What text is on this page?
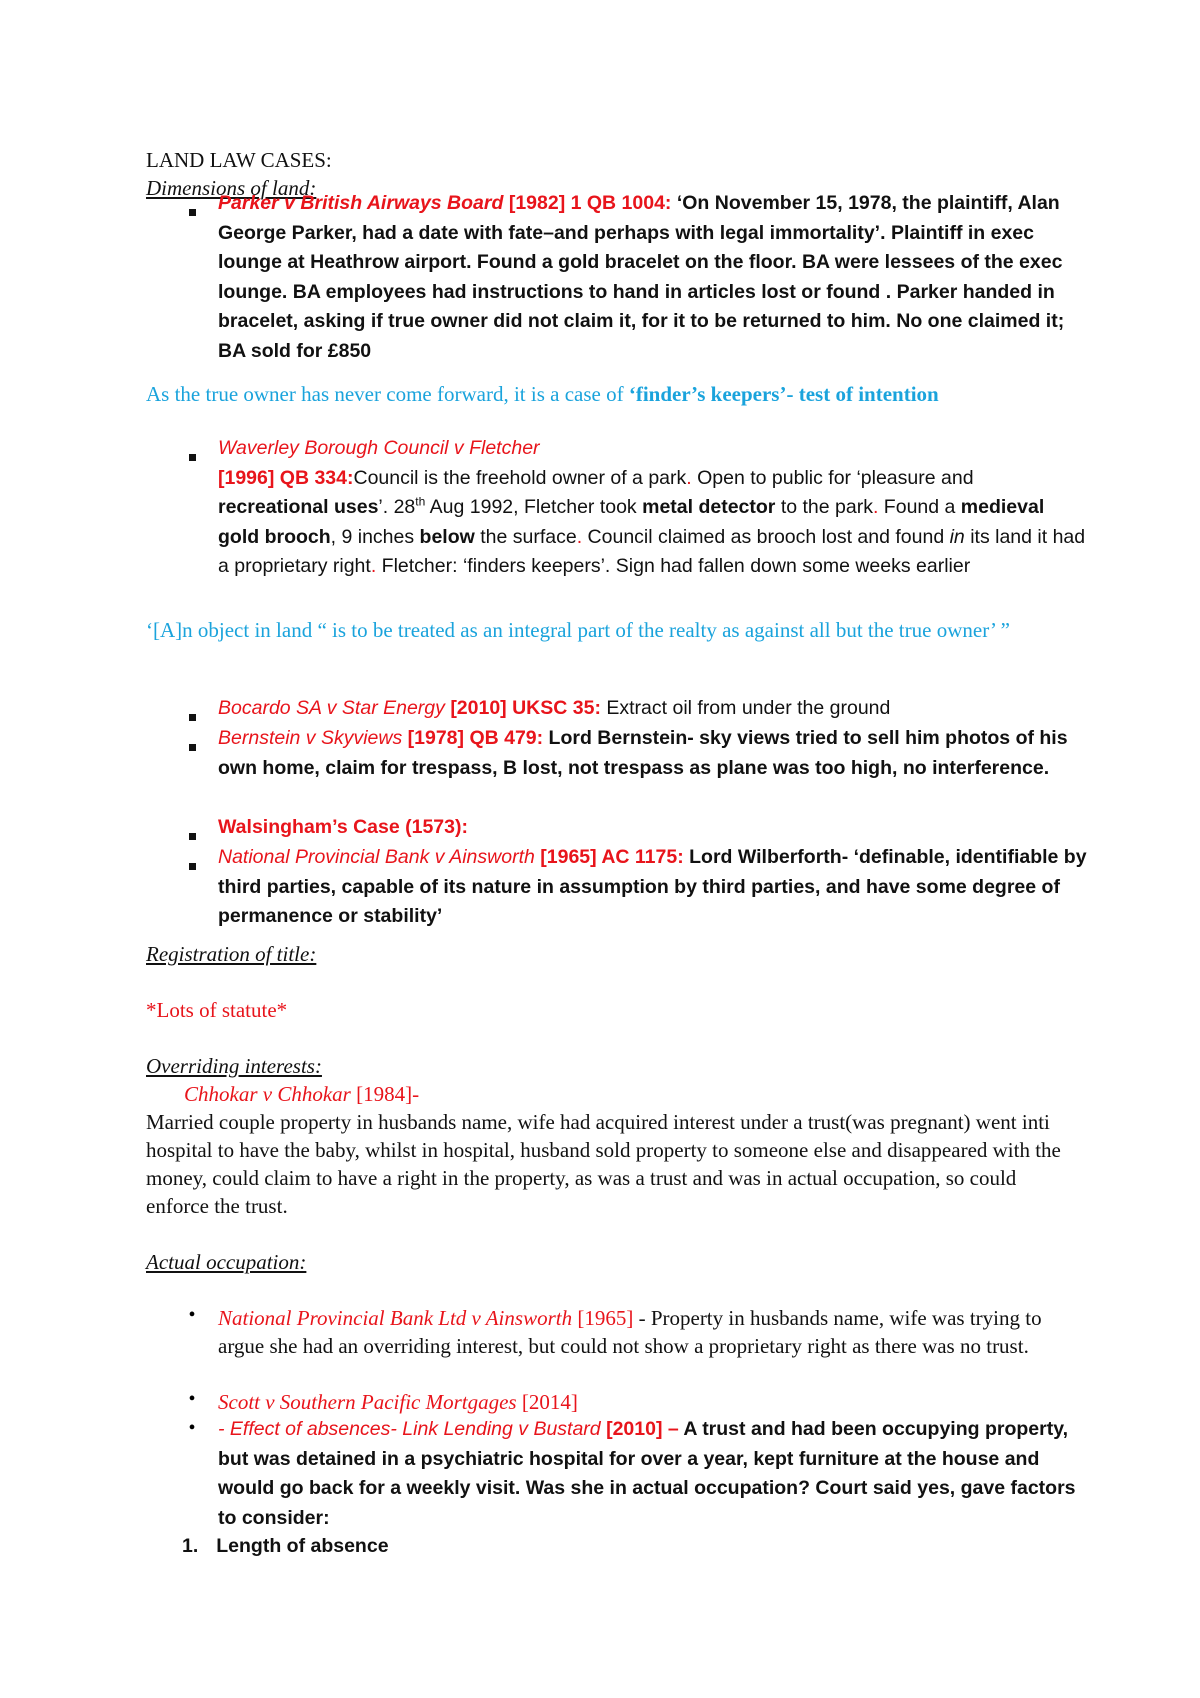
LAND LAW CASES:
Dimensions of land:
Parker v British Airways Board [1982] 1 QB 1004: ‘On November 15, 1978, the plaintiff, Alan George Parker, had a date with fate–and perhaps with legal immortality’. Plaintiff in exec lounge at Heathrow airport. Found a gold bracelet on the floor. BA were lessees of the exec lounge. BA employees had instructions to hand in articles lost or found . Parker handed in bracelet, asking if true owner did not claim it, for it to be returned to him. No one claimed it; BA sold for £850
As the true owner has never come forward, it is a case of ‘finder’s keepers’- test of intention
Waverley Borough Council v Fletcher
[1996] QB 334:Council is the freehold owner of a park. Open to public for ‘pleasure and recreational uses’. 28th Aug 1992, Fletcher took metal detector to the park. Found a medieval gold brooch, 9 inches below the surface. Council claimed as brooch lost and found in its land it had a proprietary right. Fletcher: ‘finders keepers’. Sign had fallen down some weeks earlier
‘[A]n object in land “ is to be treated as an integral part of the realty as against all but the true owner’ ”
Bocardo SA v Star Energy [2010] UKSC 35: Extract oil from under the ground
Bernstein v Skyviews [1978] QB 479: Lord Bernstein- sky views tried to sell him photos of his own home, claim for trespass, B lost, not trespass as plane was too high, no interference.
Walsingham’s Case (1573):
National Provincial Bank v Ainsworth [1965] AC 1175: Lord Wilberforth- ‘definable, identifiable by third parties, capable of its nature in assumption by third parties, and have some degree of permanence or stability’
Registration of title:
*Lots of statute*
Overriding interests:
Chhokar v Chhokar [1984]-
Married couple property in husbands name, wife had acquired interest under a trust(was pregnant) went inti hospital to have the baby, whilst in hospital, husband sold property to someone else and disappeared with the money, could claim to have a right in the property, as was a trust and was in actual occupation, so could enforce the trust.
Actual occupation:
• National Provincial Bank Ltd v Ainsworth [1965] - Property in husbands name, wife was trying to argue she had an overriding interest, but could not show a proprietary right as there was no trust.
• Scott v Southern Pacific Mortgages [2014]
• - Effect of absences- Link Lending v Bustard [2010] – A trust and had been occupying property, but was detained in a psychiatric hospital for over a year, kept furniture at the house and would go back for a weekly visit. Was she in actual occupation? Court said yes, gave factors to consider:
1. Length of absence
